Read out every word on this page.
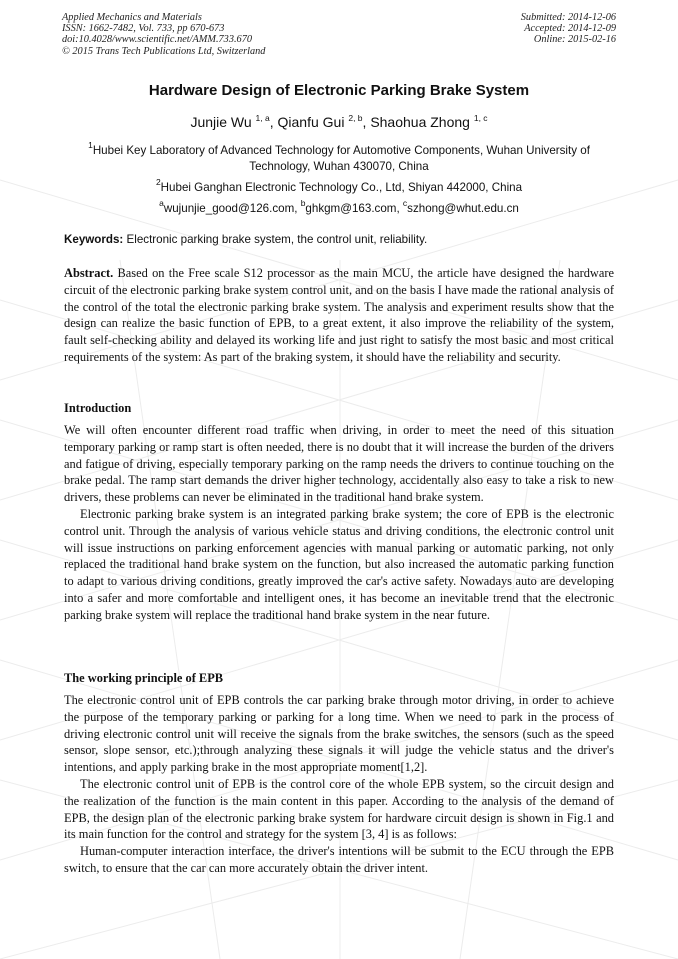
Applied Mechanics and Materials
ISSN: 1662-7482, Vol. 733, pp 670-673
doi:10.4028/www.scientific.net/AMM.733.670
© 2015 Trans Tech Publications Ltd, Switzerland
Submitted: 2014-12-06
Accepted: 2014-12-09
Online: 2015-02-16
Hardware Design of Electronic Parking Brake System
Junjie Wu $^{1, a}$, Qianfu Gui $^{2, b}$, Shaohua Zhong $^{1, c}$
$^1$Hubei Key Laboratory of Advanced Technology for Automotive Components, Wuhan University of Technology, Wuhan 430070, China
$^2$Hubei Ganghan Electronic Technology Co., Ltd, Shiyan 442000, China
$^a$wujunjie_good@126.com, $^b$ghkgm@163.com, $^c$szhong@whut.edu.cn
Keywords: Electronic parking brake system, the control unit, reliability.

Abstract. Based on the Free scale S12 processor as the main MCU, the article have designed the hardware circuit of the electronic parking brake system control unit, and on the basis I have made the rational analysis of the control of the total the electronic parking brake system. The analysis and experiment results show that the design can realize the basic function of EPB, to a great extent, it also improve the reliability of the system, fault self-checking ability and delayed its working life and just right to satisfy the most basic and most critical requirements of the system: As part of the braking system, it should have the reliability and security.

Introduction

We will often encounter different road traffic when driving, in order to meet the need of this situation temporary parking or ramp start is often needed, there is no doubt that it will increase the burden of the drivers and fatigue of driving, especially temporary parking on the ramp needs the drivers to continue touching on the brake pedal. The ramp start demands the driver higher technology, accidentally also easy to take a risk to new drivers, these problems can never be eliminated in the traditional hand brake system.

Electronic parking brake system is an integrated parking brake system; the core of EPB is the electronic control unit. Through the analysis of various vehicle status and driving conditions, the electronic control unit will issue instructions on parking enforcement agencies with manual parking or automatic parking, not only replaced the traditional hand brake system on the function, but also increased the automatic parking function to adapt to various driving conditions, greatly improved the car's active safety. Nowadays auto are developing into a safer and more comfortable and intelligent ones, it has become an inevitable trend that the electronic parking brake system will replace the traditional hand brake system in the near future.

The working principle of EPB

The electronic control unit of EPB controls the car parking brake through motor driving, in order to achieve the purpose of the temporary parking or parking for a long time. When we need to park in the process of driving electronic control unit will receive the signals from the brake switches, the sensors (such as the speed sensor, slope sensor, etc.);through analyzing these signals it will judge the vehicle status and the driver's intentions, and apply parking brake in the most appropriate moment[1,2].

The electronic control unit of EPB is the control core of the whole EPB system, so the circuit design and the realization of the function is the main content in this paper. According to the analysis of the demand of EPB, the design plan of the electronic parking brake system for hardware circuit design is shown in Fig.1 and its main function for the control and strategy for the system [3, 4] is as follows:

Human-computer interaction interface, the driver's intentions will be submit to the ECU through the EPB switch, to ensure that the car can more accurately obtain the driver intent.
